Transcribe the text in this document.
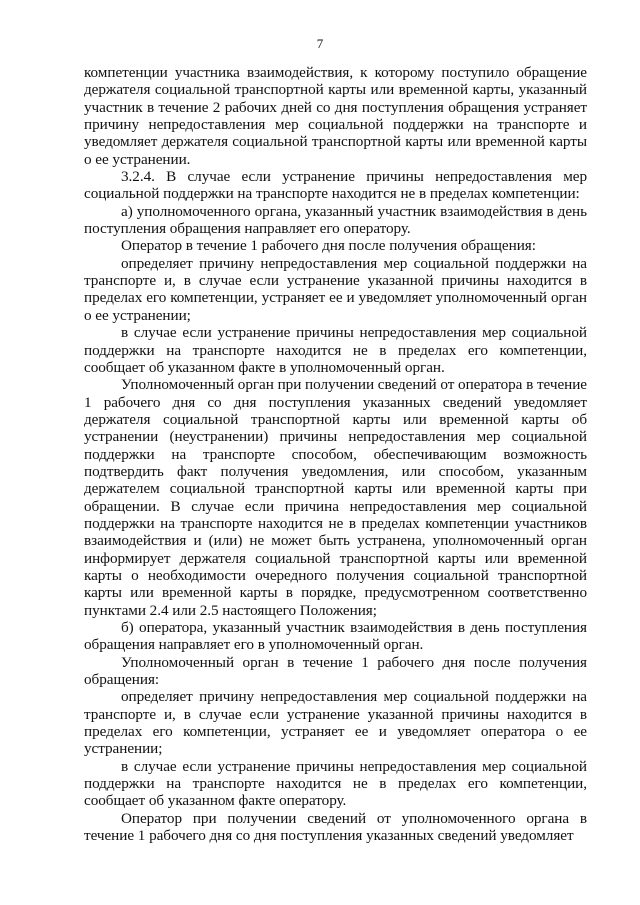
7

компетенции участника взаимодействия, к которому поступило обращение держателя социальной транспортной карты или временной карты, указанный участник в течение 2 рабочих дней со дня поступления обращения устраняет причину непредоставления мер социальной поддержки на транспорте и уведомляет держателя социальной транспортной карты или временной карты о ее устранении.

3.2.4. В случае если устранение причины непредоставления мер социальной поддержки на транспорте находится не в пределах компетенции:

а) уполномоченного органа, указанный участник взаимодействия в день поступления обращения направляет его оператору.

Оператор в течение 1 рабочего дня после получения обращения:

определяет причину непредоставления мер социальной поддержки на транспорте и, в случае если устранение указанной причины находится в пределах его компетенции, устраняет ее и уведомляет уполномоченный орган о ее устранении;

в случае если устранение причины непредоставления мер социальной поддержки на транспорте находится не в пределах его компетенции, сообщает об указанном факте в уполномоченный орган.

Уполномоченный орган при получении сведений от оператора в течение 1 рабочего дня со дня поступления указанных сведений уведомляет держателя социальной транспортной карты или временной карты об устранении (неустранении) причины непредоставления мер социальной поддержки на транспорте способом, обеспечивающим возможность подтвердить факт получения уведомления, или способом, указанным держателем социальной транспортной карты или временной карты при обращении. В случае если причина непредоставления мер социальной поддержки на транспорте находится не в пределах компетенции участников взаимодействия и (или) не может быть устранена, уполномоченный орган информирует держателя социальной транспортной карты или временной карты о необходимости очередного получения социальной транспортной карты или временной карты в порядке, предусмотренном соответственно пунктами 2.4 или 2.5 настоящего Положения;

б) оператора, указанный участник взаимодействия в день поступления обращения направляет его в уполномоченный орган.

Уполномоченный орган в течение 1 рабочего дня после получения обращения:

определяет причину непредоставления мер социальной поддержки на транспорте и, в случае если устранение указанной причины находится в пределах его компетенции, устраняет ее и уведомляет оператора о ее устранении;

в случае если устранение причины непредоставления мер социальной поддержки на транспорте находится не в пределах его компетенции, сообщает об указанном факте оператору.

Оператор при получении сведений от уполномоченного органа в течение 1 рабочего дня со дня поступления указанных сведений уведомляет
